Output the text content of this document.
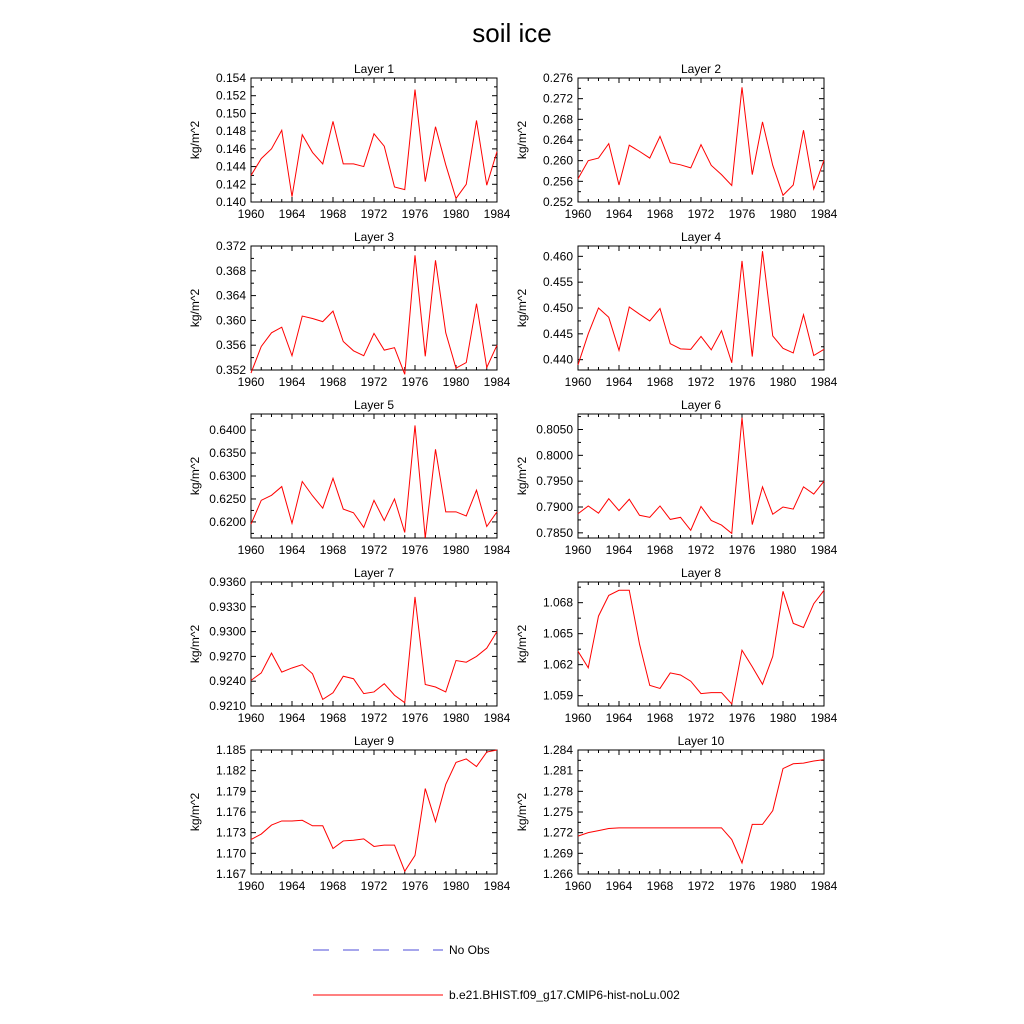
soil ice
Layer 1
1960 1964 1968 1972 1976 1980 1984
0.140
0.142
0.144
0.146
0.148
0.150
0.152
0.154
kg/m^2
Layer 2
1960 1964 1968 1972 1976 1980 1984
0.252
0.256
0.260
0.264
0.268
0.272
0.276
kg/m^2
Layer 3
1960 1964 1968 1972 1976 1980 1984
0.352
0.356
0.360
0.364
0.368
0.372
kg/m^2
Layer 4
1960 1964 1968 1972 1976 1980 1984
0.440
0.445
0.450
0.455
0.460
kg/m^2
Layer 5
1960 1964 1968 1972 1976 1980 1984
0.6200
0.6250
0.6300
0.6350
0.6400
kg/m^2
Layer 6
1960 1964 1968 1972 1976 1980 1984
0.7850
0.7900
0.7950
0.8000
0.8050
kg/m^2
Layer 7
1960 1964 1968 1972 1976 1980 1984
0.9210
0.9240
0.9270
0.9300
0.9330
0.9360
kg/m^2
Layer 8
1960 1964 1968 1972 1976 1980 1984
1.059
1.062
1.065
1.068
kg/m^2
Layer 9
1960 1964 1968 1972 1976 1980 1984
1.167
1.170
1.173
1.176
1.179
1.182
1.185
kg/m^2
Layer 10
1960 1964 1968 1972 1976 1980 1984
1.266
1.269
1.272
1.275
1.278
1.281
1.284
kg/m^2
No Obs
b.e21.BHIST.f09_g17.CMIP6-hist-noLu.002
